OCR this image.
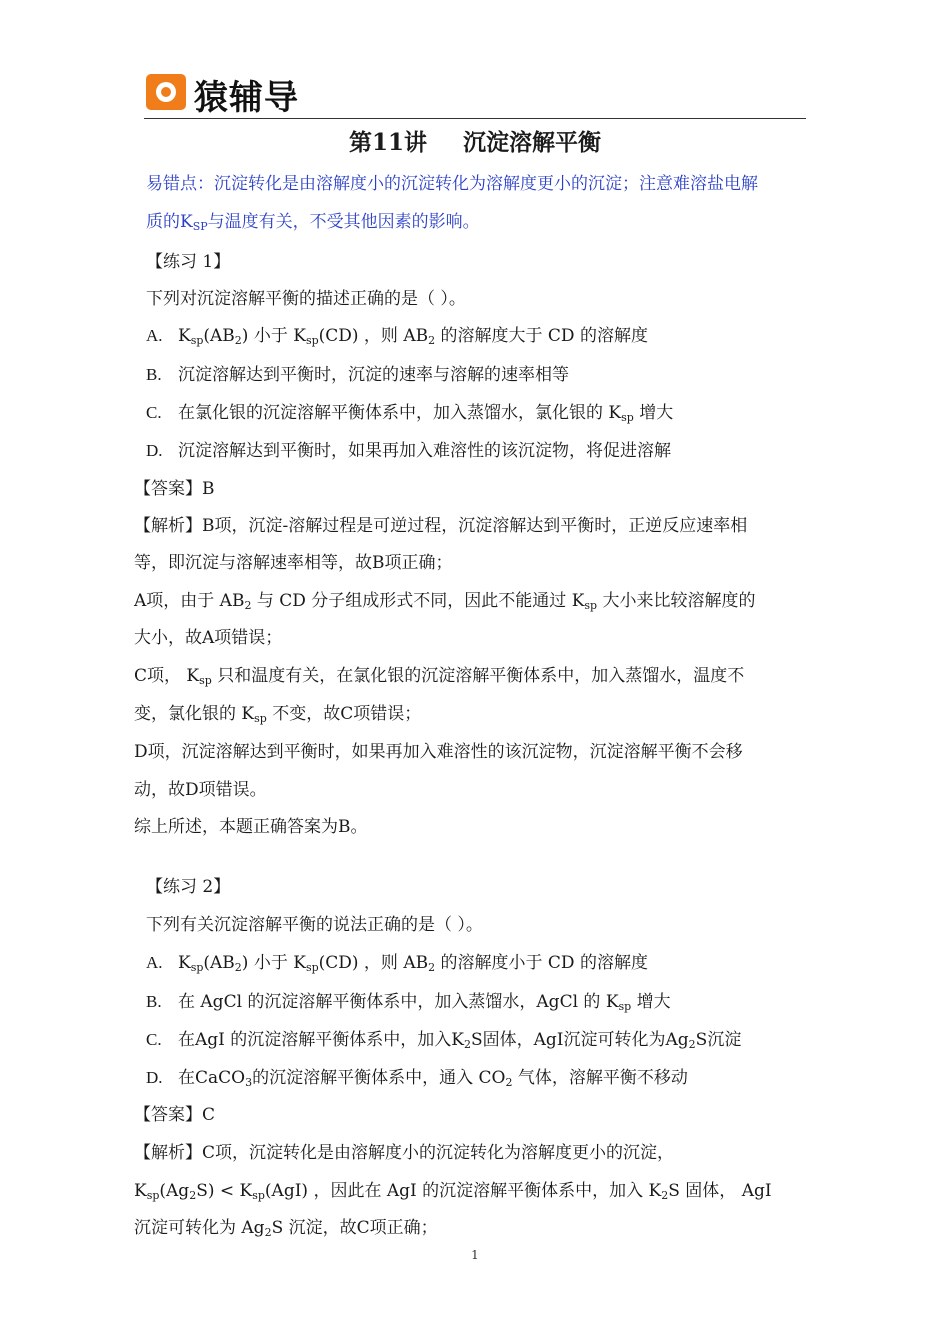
猿辅导
第11讲 沉淀溶解平衡
易错点：沉淀转化是由溶解度小的沉淀转化为溶解度更小的沉淀；注意难溶盐电解
质的$K_{SP}$与温度有关，不受其他因素的影响。
【练习 1】
下列对沉淀溶解平衡的描述正确的是（ ）。
A. $K_{sp}(AB_2)$ 小于 $K_{sp}(CD)$ ，则 $AB_2$ 的溶解度大于 CD 的溶解度
B. 沉淀溶解达到平衡时，沉淀的速率与溶解的速率相等
C. 在氯化银的沉淀溶解平衡体系中，加入蒸馏水，氯化银的 $K_{sp}$ 增大
D. 沉淀溶解达到平衡时，如果再加入难溶性的该沉淀物，将促进溶解
【答案】B
【解析】B项，沉淀-溶解过程是可逆过程，沉淀溶解达到平衡时，正逆反应速率相
等，即沉淀与溶解速率相等，故B项正确；
A项，由于 $AB_2$ 与 CD 分子组成形式不同，因此不能通过 $K_{sp}$ 大小来比较溶解度的
大小，故A项错误；
C项， $K_{sp}$ 只和温度有关，在氯化银的沉淀溶解平衡体系中，加入蒸馏水，温度不
变，氯化银的 $K_{sp}$ 不变，故C项错误；
D项，沉淀溶解达到平衡时，如果再加入难溶性的该沉淀物，沉淀溶解平衡不会移
动，故D项错误。
综上所述，本题正确答案为B。
【练习 2】
下列有关沉淀溶解平衡的说法正确的是（ ）。
A. $K_{sp}(AB_2)$ 小于 $K_{sp}(CD)$ ，则 $AB_2$ 的溶解度小于 CD 的溶解度
B. 在 AgCl 的沉淀溶解平衡体系中，加入蒸馏水，AgCl 的 $K_{sp}$ 增大
C. 在AgI 的沉淀溶解平衡体系中，加入$K_2S$固体，AgI沉淀可转化为$Ag_2S$沉淀
D. 在CaCO$_3$的沉淀溶解平衡体系中，通入 $CO_2$ 气体，溶解平衡不移动
【答案】C
【解析】C项，沉淀转化是由溶解度小的沉淀转化为溶解度更小的沉淀，
$K_{sp}(Ag_2S) < K_{sp}(AgI)$ ，因此在 AgI 的沉淀溶解平衡体系中，加入 $K_2S$ 固体， AgI
沉淀可转化为 $Ag_2S$ 沉淀，故C项正确；
1
